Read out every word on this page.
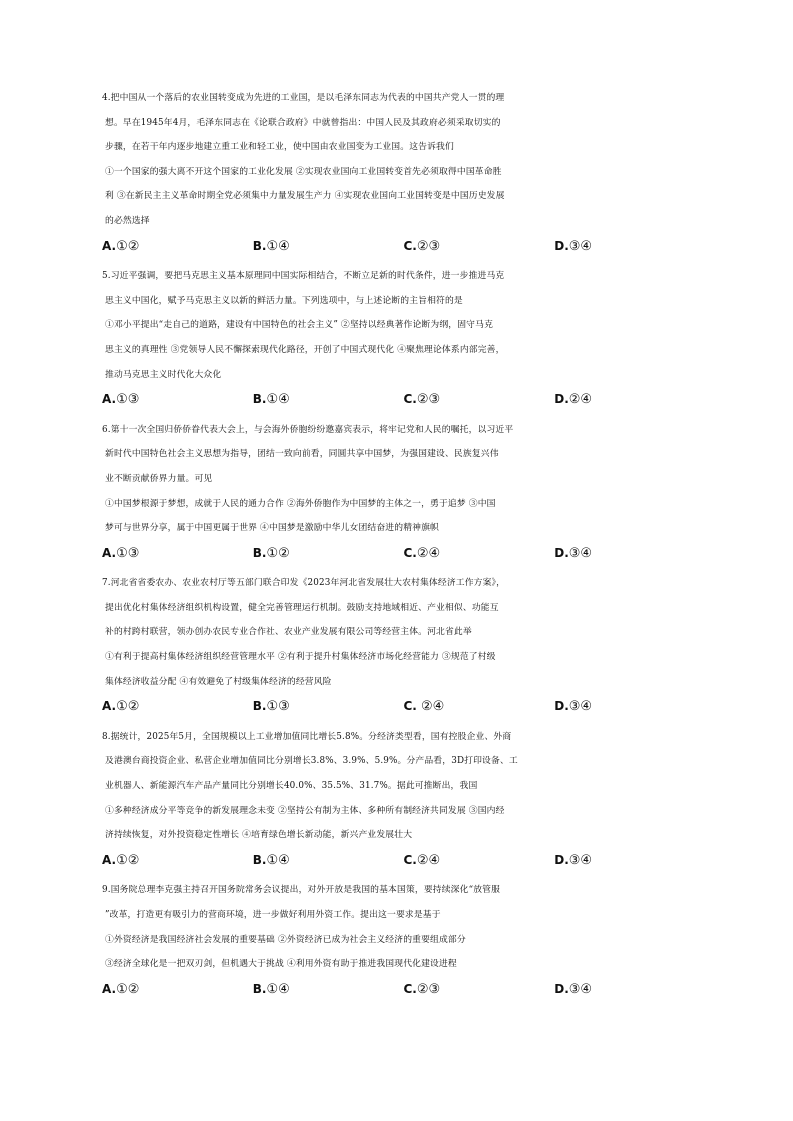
4.把中国从一个落后的农业国转变成为先进的工业国，是以毛泽东同志为代表的中国共产党人一贯的理
想。早在1945年4月，毛泽东同志在《论联合政府》中就曾指出：中国人民及其政府必须采取切实的
步骤，在若干年内逐步地建立重工业和轻工业，使中国由农业国变为工业国。这告诉我们
①一个国家的强大离不开这个国家的工业化发展 ②实现农业国向工业国转变首先必须取得中国革命胜
利 ③在新民主主义革命时期全党必须集中力量发展生产力 ④实现农业国向工业国转变是中国历史发展
的必然选择
A.①②	B.①④	C.②③	D.③④
5.习近平强调，要把马克思主义基本原理同中国实际相结合，不断立足新的时代条件，进一步推进马克
思主义中国化，赋予马克思主义以新的鲜活力量。下列选项中，与上述论断的主旨相符的是
①邓小平提出“走自己的道路，建设有中国特色的社会主义” ②坚持以经典著作论断为纲，固守马克
思主义的真理性 ③党领导人民不懈探索现代化路径，开创了中国式现代化 ④聚焦理论体系内部完善，
推动马克思主义时代化大众化
A.①③	B.①④	C.②③	D.②④
6.第十一次全国归侨侨眷代表大会上，与会海外侨胞纷纷邀嘉宾表示，将牢记党和人民的嘱托，以习近平
新时代中国特色社会主义思想为指导，团结一致向前看，同圆共享中国梦，为强国建设、民族复兴伟
业不断贡献侨界力量。可见
①中国梦根源于梦想，成就于人民的通力合作 ②海外侨胞作为中国梦的主体之一，勇于追梦 ③中国
梦可与世界分享，属于中国更属于世界 ④中国梦是激励中华儿女团结奋进的精神旗帜
A.①③	B.①②	C.②④	D.③④
7.河北省省委农办、农业农村厅等五部门联合印发《2023年河北省发展壮大农村集体经济工作方案》，
提出优化村集体经济组织机构设置，健全完善管理运行机制。鼓励支持地域相近、产业相似、功能互
补的村跨村联营，领办创办农民专业合作社、农业产业发展有限公司等经营主体。河北省此举
①有利于提高村集体经济组织经营管理水平 ②有利于提升村集体经济市场化经营能力 ③规范了村级
集体经济收益分配 ④有效避免了村级集体经济的经营风险
A.①②	B.①③	C. ②④	D.③④
8.据统计，2025年5月，全国规模以上工业增加值同比增长5.8%。分经济类型看，国有控股企业、外商
及港澳台商投资企业、私营企业增加值同比分别增长3.8%、3.9%、5.9%。分产品看，3D打印设备、工
业机器人、新能源汽车产品产量同比分别增长40.0%、35.5%、31.7%。据此可推断出，我国
①多种经济成分平等竞争的新发展理念未变 ②坚持公有制为主体、多种所有制经济共同发展 ③国内经
济持续恢复，对外投资稳定性增长 ④培育绿色增长新动能，新兴产业发展壮大
A.①②	B.①④	C.②④	D.③④
9.国务院总理李克强主持召开国务院常务会议提出，对外开放是我国的基本国策，要持续深化“放管服
”改革，打造更有吸引力的营商环境，进一步做好利用外资工作。提出这一要求是基于
①外资经济是我国经济社会发展的重要基础 ②外资经济已成为社会主义经济的重要组成部分
③经济全球化是一把双刃剑，但机遇大于挑战 ④利用外资有助于推进我国现代化建设进程
A.①②	B.①④	C.②③	D.③④
